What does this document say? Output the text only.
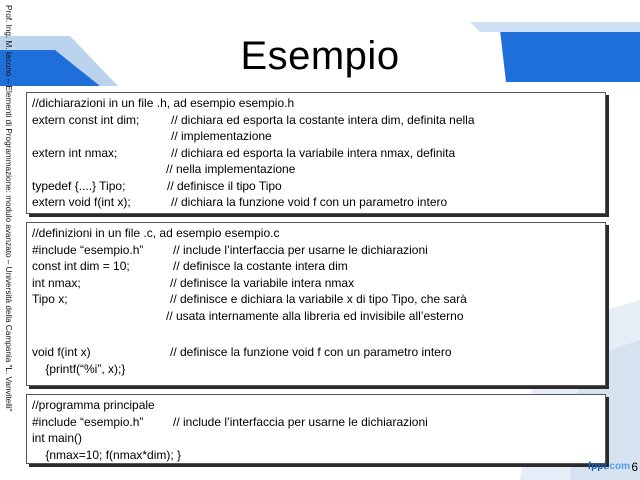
Prof. Ing. M. Iacono – Elementi di Programmazione: modulo avanzato – Università della Campania "L. Vanvitelli"	Esempio
//dichiarazioni in un file .h, ad esempio esempio.h
extern const int dim;	// dichiara ed esporta la costante intera dim, definita nella
// implementazione
extern int nmax;	// dichiara ed esporta la variabile intera nmax, definita
// nella implementazione
typedef {....} Tipo;	// definisce il tipo Tipo
extern void f(int x);	// dichiara la funzione void f con un parametro intero
//definizioni in un file .c, ad esempio esempio.c
#include “esempio.h” // include l’interfaccia per usarne le dichiarazioni
const int dim = 10;	// definisce la costante intera dim
int nmax;	// definisce la variabile intera nmax
Tipo x;	// definisce e dichiara la variabile x di tipo Tipo, che sarà
// usata internamente alla libreria ed invisibile all’esterno
void f(int x)	// definisce la funzione void f con un parametro intero
{printf(“%i”, x);}
//programma principale
#include “esempio.h” // include l’interfaccia per usarne le dichiarazioni
int main()
{nmax=10; f(nmax*dim); }
fppt.com 6
